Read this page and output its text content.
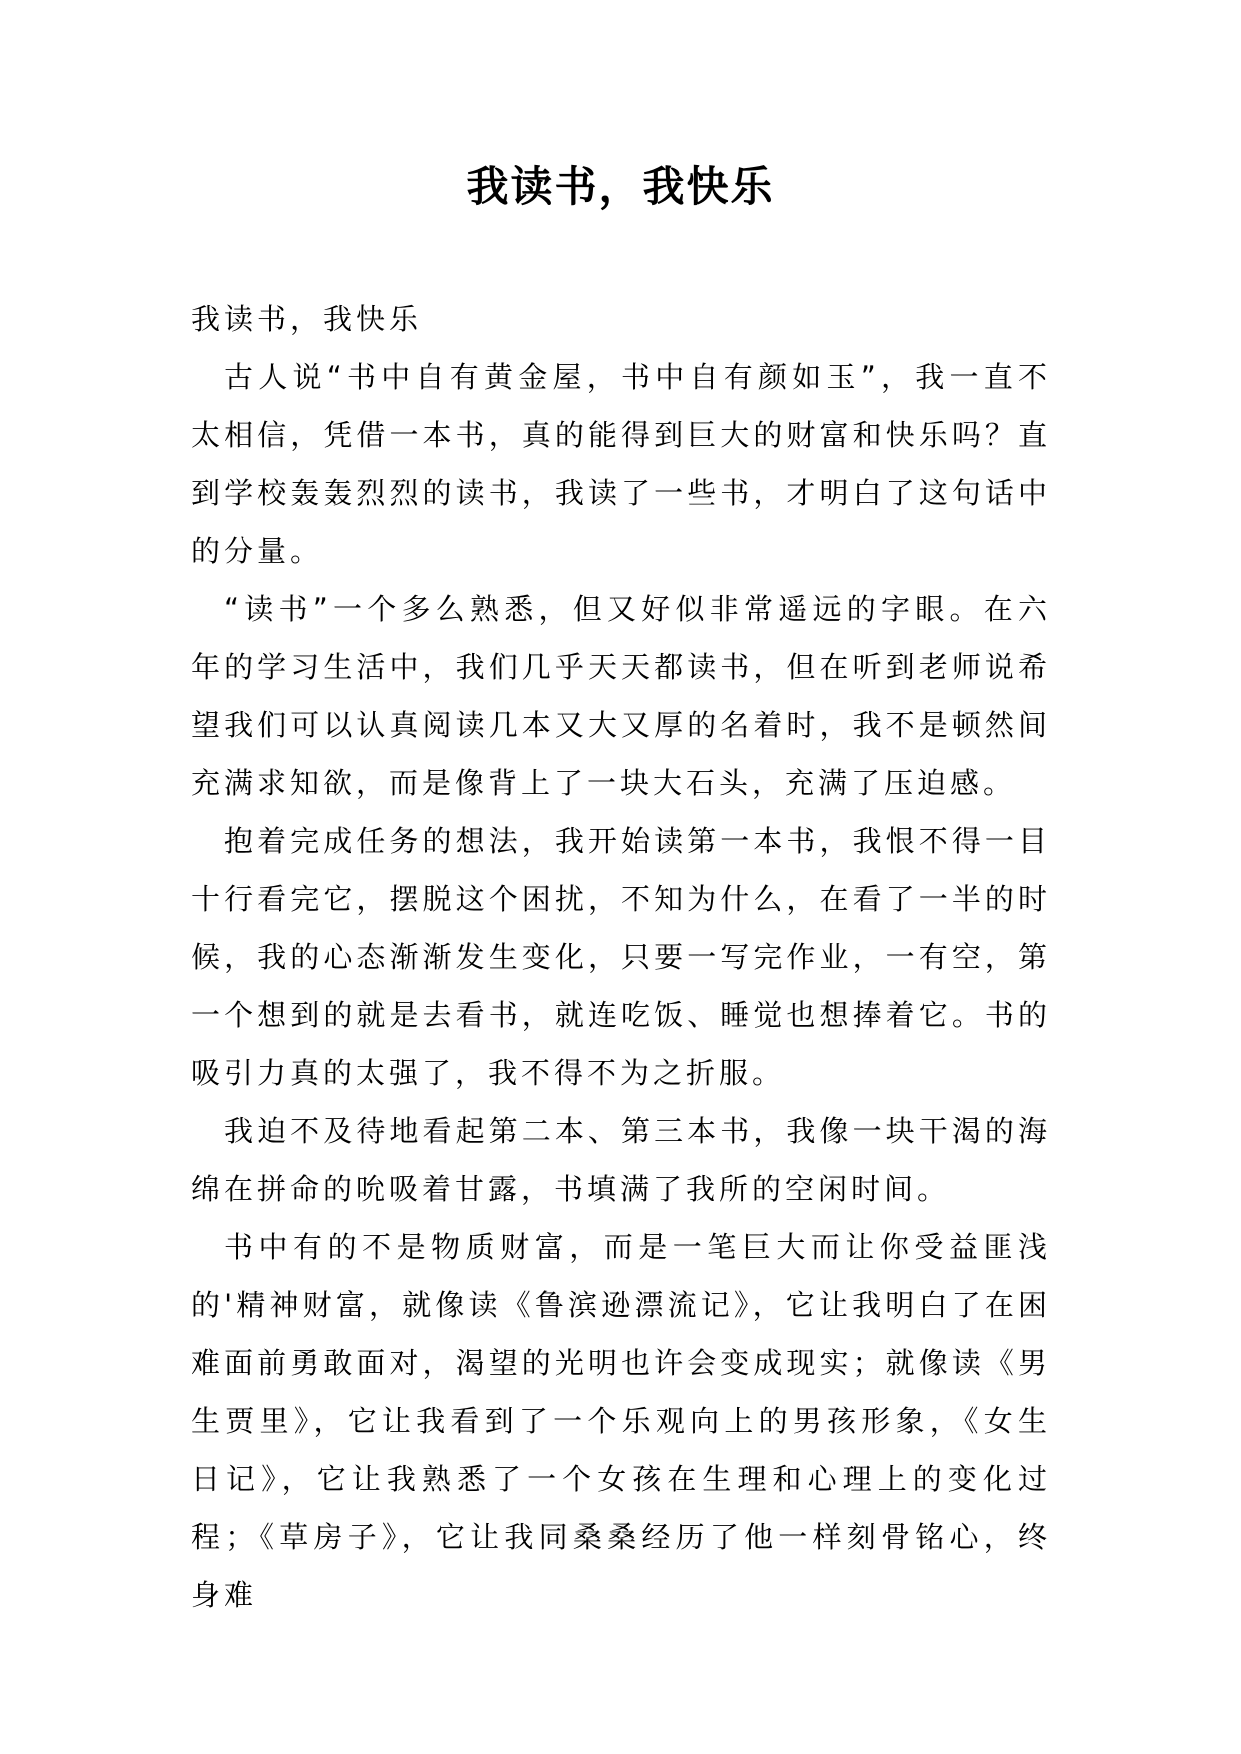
我读书，我快乐

我读书，我快乐

古人说“书中自有黄金屋，书中自有颜如玉”，我一直不太相信，凭借一本书，真的能得到巨大的财富和快乐吗？直到学校轰轰烈烈的读书，我读了一些书，才明白了这句话中的分量。

“读书”一个多么熟悉，但又好似非常遥远的字眼。在六年的学习生活中，我们几乎天天都读书，但在听到老师说希望我们可以认真阅读几本又大又厚的名着时，我不是顿然间充满求知欲，而是像背上了一块大石头，充满了压迫感。

抱着完成任务的想法，我开始读第一本书，我恨不得一目十行看完它，摆脱这个困扰，不知为什么，在看了一半的时候，我的心态渐渐发生变化，只要一写完作业，一有空，第一个想到的就是去看书，就连吃饭、睡觉也想捧着它。书的吸引力真的太强了，我不得不为之折服。

我迫不及待地看起第二本、第三本书，我像一块干渴的海绵在拼命的吮吸着甘露，书填满了我所的空闲时间。

书中有的不是物质财富，而是一笔巨大而让你受益匪浅的'精神财富，就像读《鲁滨逊漂流记》，它让我明白了在困难面前勇敢面对，渴望的光明也许会变成现实；就像读《男生贾里》，它让我看到了一个乐观向上的男孩形象，《女生日记》，它让我熟悉了一个女孩在生理和心理上的变化过程；《草房子》，它让我同桑桑经历了他一样刻骨铭心，终身难
